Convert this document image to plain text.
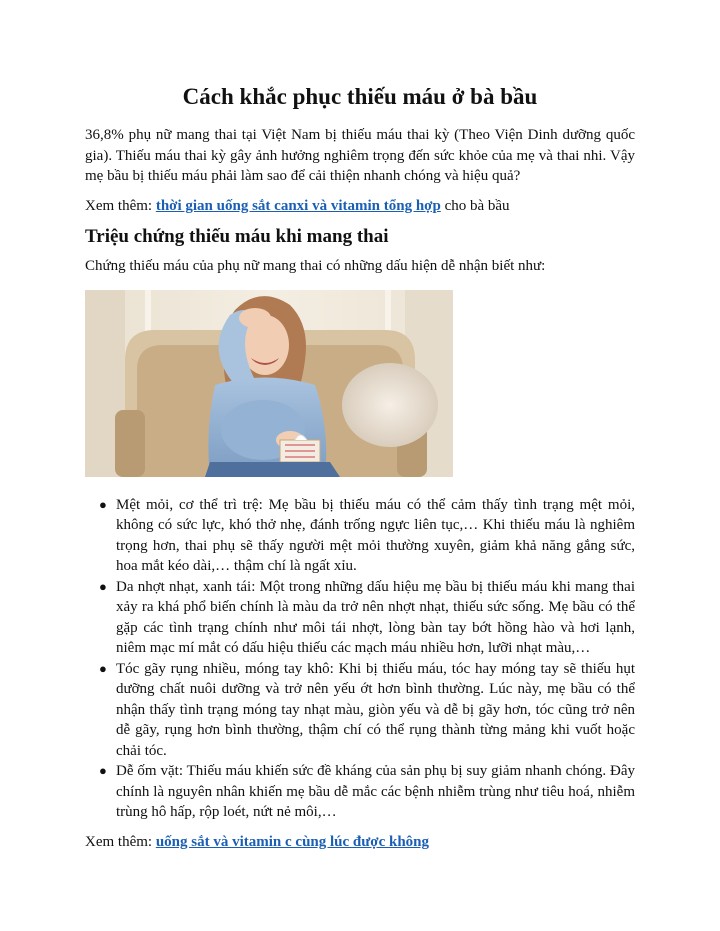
Cách khắc phục thiếu máu ở bà bầu

36,8% phụ nữ mang thai tại Việt Nam bị thiếu máu thai kỳ (Theo Viện Dinh dưỡng quốc gia). Thiếu máu thai kỳ gây ảnh hưởng nghiêm trọng đến sức khỏe của mẹ và thai nhi. Vậy mẹ bầu bị thiếu máu phải làm sao để cải thiện nhanh chóng và hiệu quả?

Xem thêm: thời gian uống sắt canxi và vitamin tổng hợp cho bà bầu

Triệu chứng thiếu máu khi mang thai

Chứng thiếu máu của phụ nữ mang thai có những dấu hiện dễ nhận biết như:

● Mệt mỏi, cơ thể trì trệ: Mẹ bầu bị thiếu máu có thể cảm thấy tình trạng mệt mỏi, không có sức lực, khó thở nhẹ, đánh trống ngực liên tục,… Khi thiếu máu là nghiêm trọng hơn, thai phụ sẽ thấy người mệt mỏi thường xuyên, giảm khả năng gắng sức, hoa mắt kéo dài,… thậm chí là ngất xỉu.
● Da nhợt nhạt, xanh tái: Một trong những dấu hiệu mẹ bầu bị thiếu máu khi mang thai xảy ra khá phổ biến chính là màu da trở nên nhợt nhạt, thiếu sức sống. Mẹ bầu có thể gặp các tình trạng chính như môi tái nhợt, lòng bàn tay bớt hồng hào và hơi lạnh, niêm mạc mí mắt có dấu hiệu thiếu các mạch máu nhiều hơn, lưỡi nhạt màu,…
● Tóc gãy rụng nhiều, móng tay khô: Khi bị thiếu máu, tóc hay móng tay sẽ thiếu hụt dưỡng chất nuôi dưỡng và trở nên yếu ớt hơn bình thường. Lúc này, mẹ bầu có thể nhận thấy tình trạng móng tay nhạt màu, giòn yếu và dễ bị gãy hơn, tóc cũng trở nên dễ gãy, rụng hơn bình thường, thậm chí có thể rụng thành từng mảng khi vuốt hoặc chải tóc.
● Dễ ốm vặt: Thiếu máu khiến sức đề kháng của sản phụ bị suy giảm nhanh chóng. Đây chính là nguyên nhân khiến mẹ bầu dễ mắc các bệnh nhiễm trùng như tiêu hoá, nhiễm trùng hô hấp, rộp loét, nứt nẻ môi,…

Xem thêm: uống sắt và vitamin c cùng lúc được không
